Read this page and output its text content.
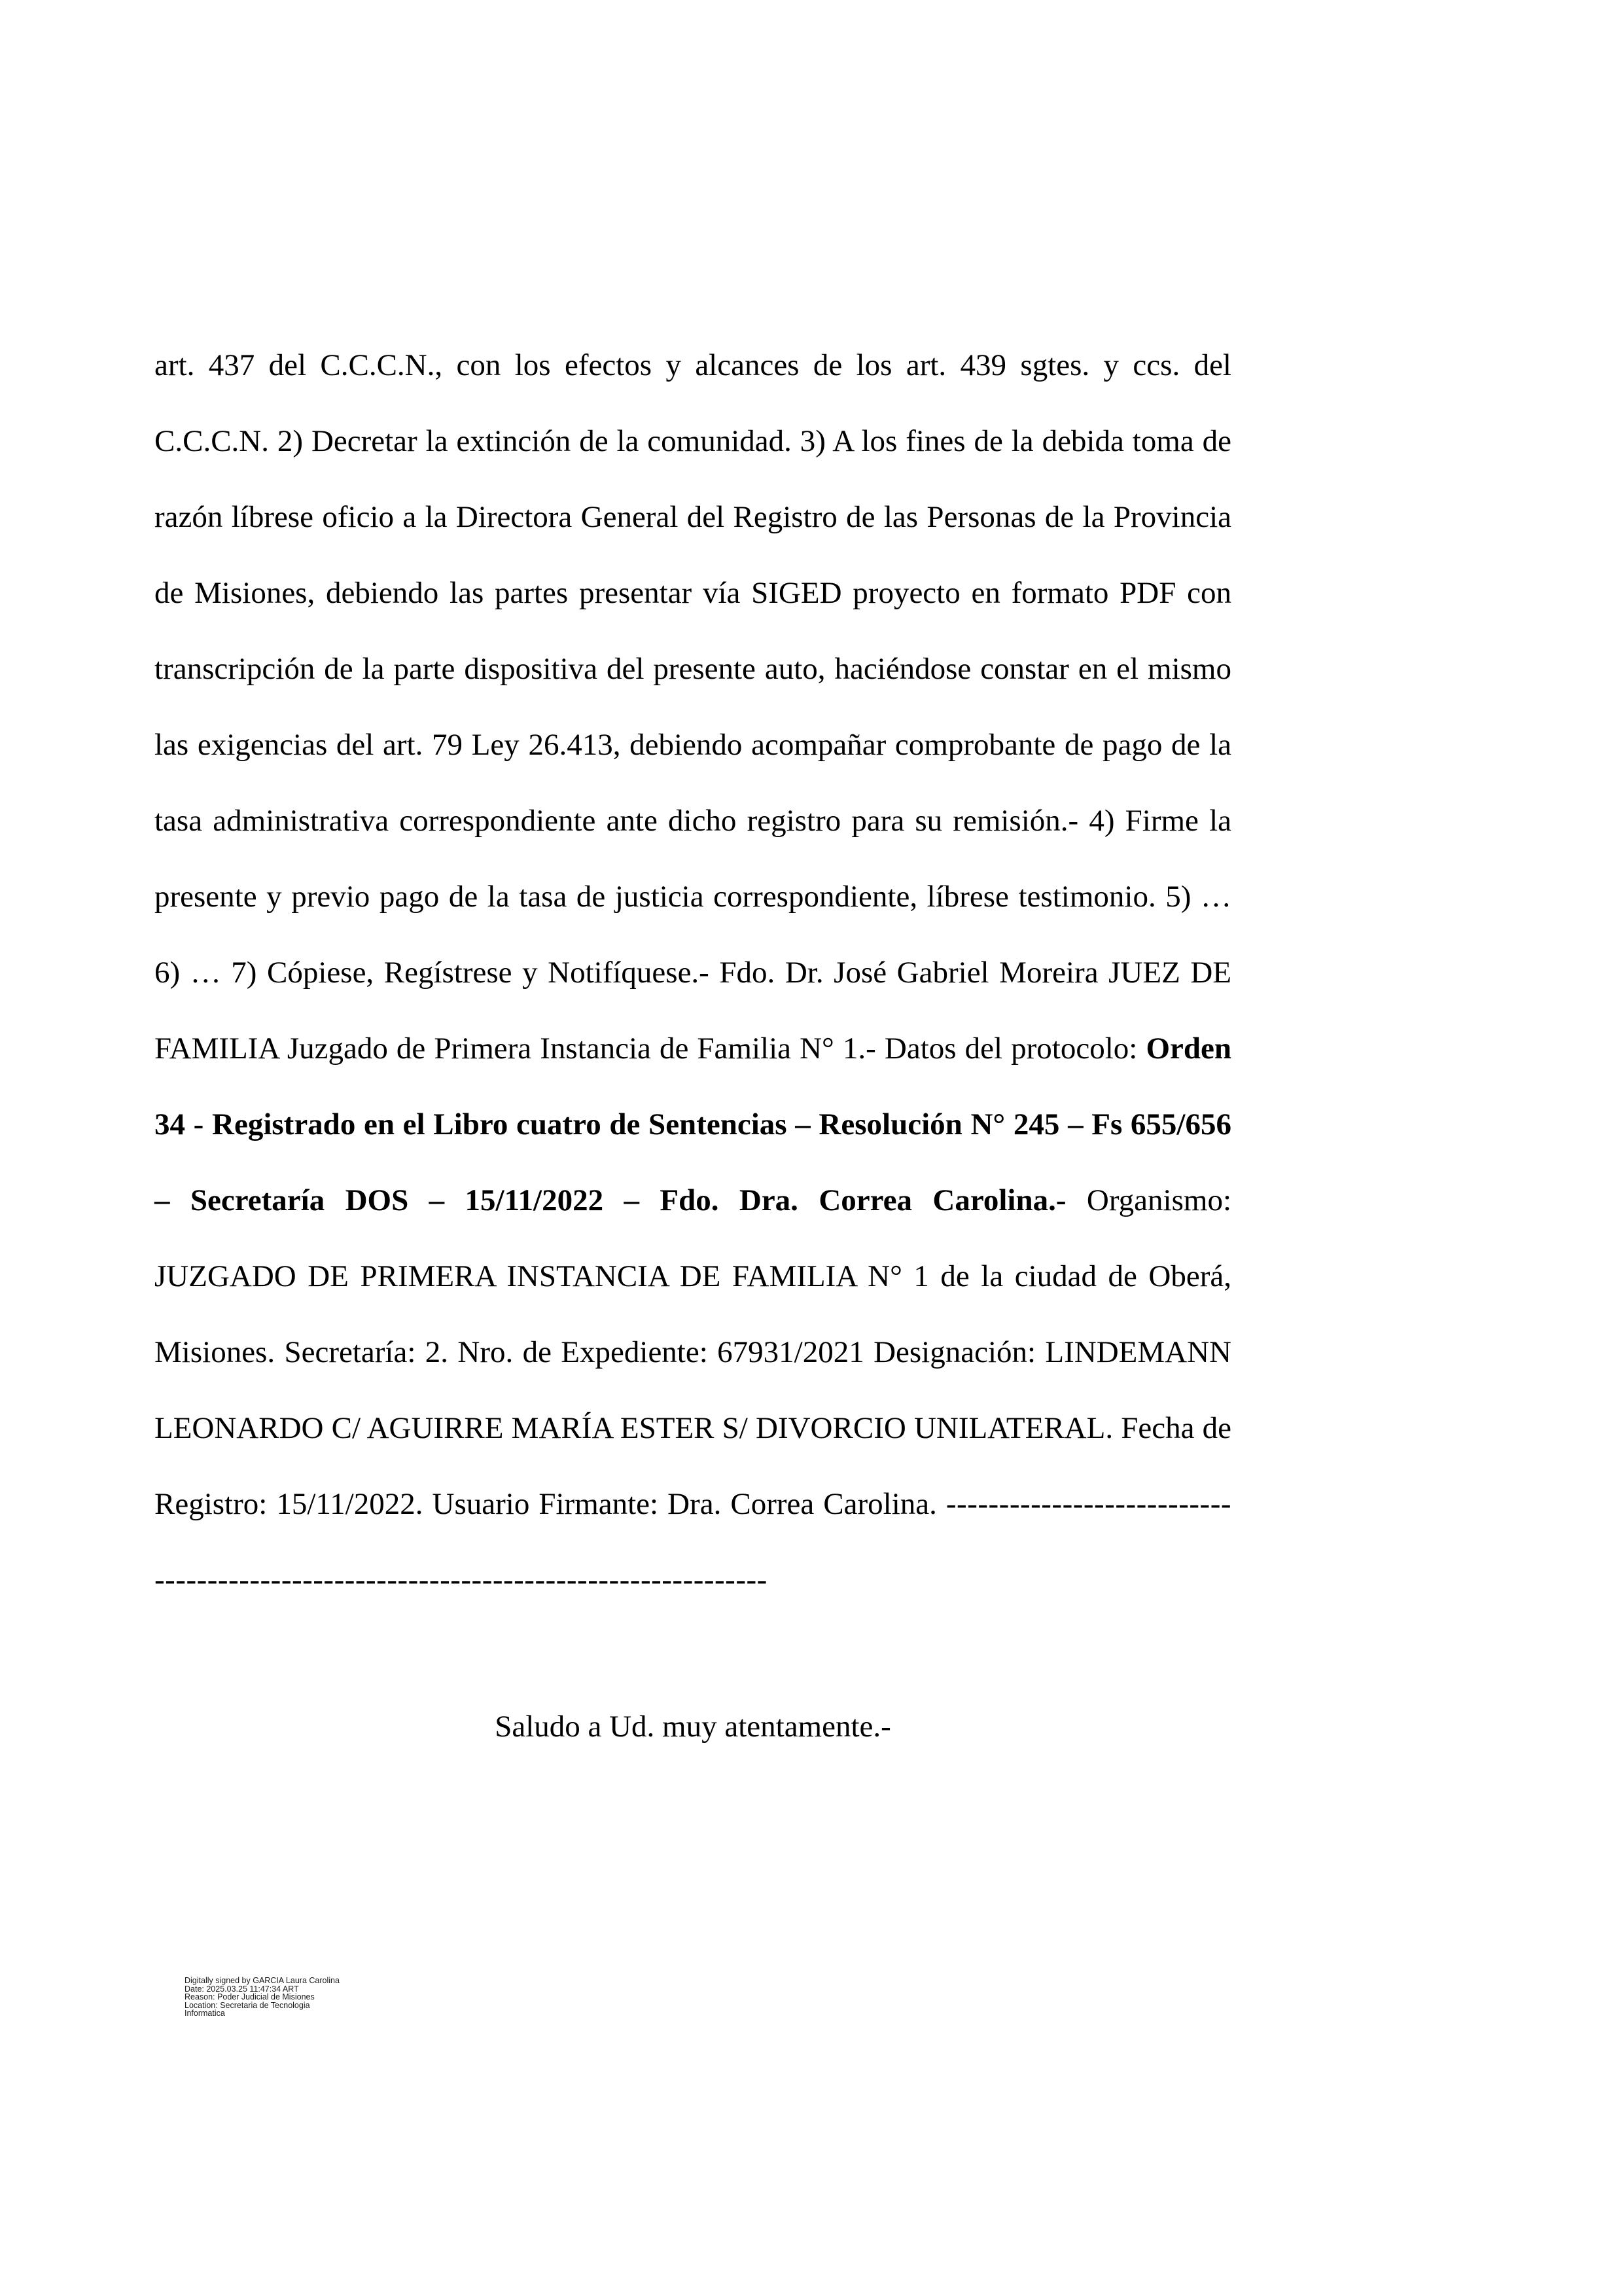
art. 437 del C.C.C.N., con los efectos y alcances de los art. 439 sgtes. y ccs. del C.C.C.N. 2) Decretar la extinción de la comunidad. 3) A los fines de la debida toma de razón líbrese oficio a la Directora General del Registro de las Personas de la Provincia de Misiones, debiendo las partes presentar vía SIGED proyecto en formato PDF con transcripción de la parte dispositiva del presente auto, haciéndose constar en el mismo las exigencias del art. 79 Ley 26.413, debiendo acompañar comprobante de pago de la tasa administrativa correspondiente ante dicho registro para su remisión.- 4) Firme la presente y previo pago de la tasa de justicia correspondiente, líbrese testimonio. 5) … 6) … 7) Cópiese, Regístrese y Notifíquese.- Fdo. Dr. José Gabriel Moreira JUEZ DE FAMILIA Juzgado de Primera Instancia de Familia N° 1.- Datos del protocolo: Orden 34 - Registrado en el Libro cuatro de Sentencias – Resolución N° 245 – Fs 655/656 – Secretaría DOS – 15/11/2022 – Fdo. Dra. Correa Carolina.- Organismo: JUZGADO DE PRIMERA INSTANCIA DE FAMILIA N° 1 de la ciudad de Oberá, Misiones. Secretaría: 2. Nro. de Expediente: 67931/2021 Designación: LINDEMANN LEONARDO C/ AGUIRRE MARÍA ESTER S/ DIVORCIO UNILATERAL. Fecha de Registro: 15/11/2022. Usuario Firmante: Dra. Correa Carolina. -------------------------------------------------------------------------------------

Saludo a Ud. muy atentamente.-

Digitally signed by GARCIA Laura Carolina
Date: 2025.03.25 11:47:34 ART
Reason: Poder Judicial de Misiones
Location: Secretaria de Tecnologia
Informatica
